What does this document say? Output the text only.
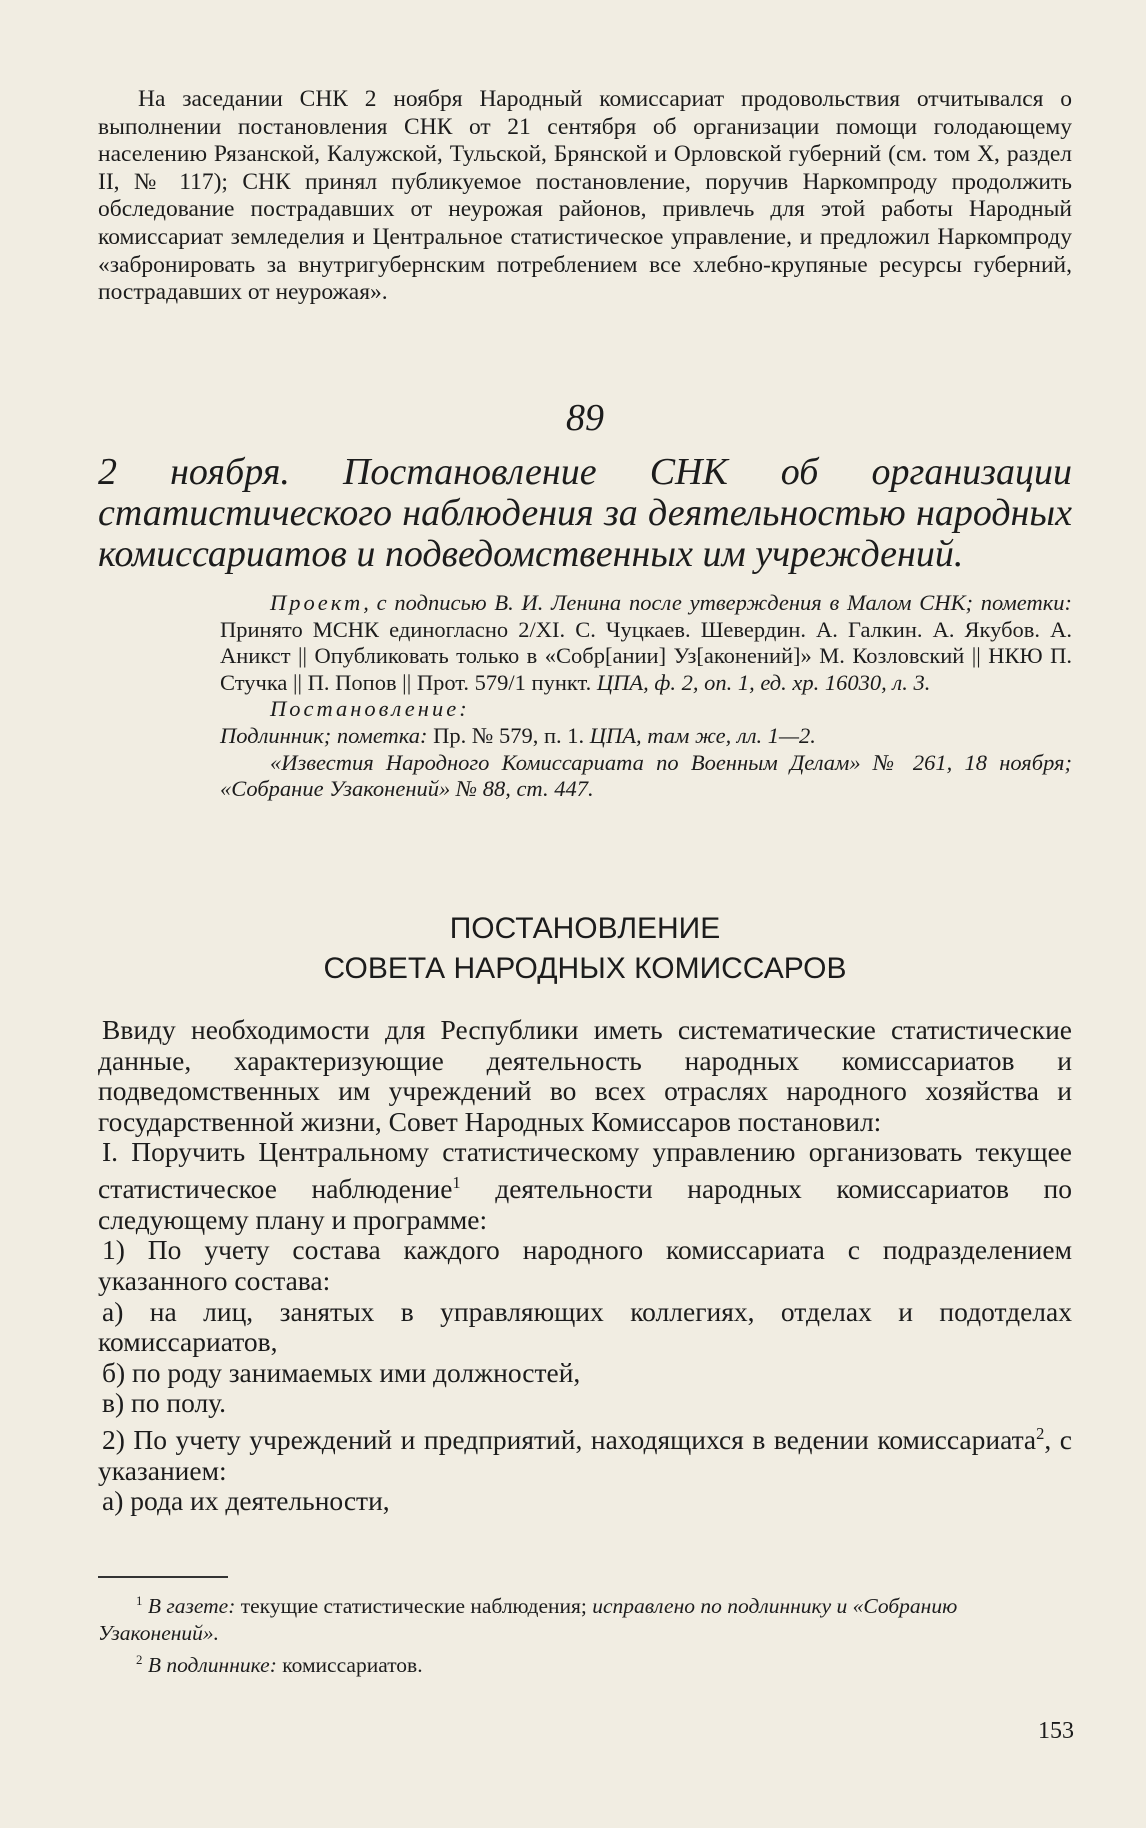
На заседании СНК 2 ноября Народный комиссариат продовольствия отчитывался о выполнении постановления СНК от 21 сентября об организации помощи голодающему населению Рязанской, Калужской, Тульской, Брянской и Орловской губерний (см. том X, раздел II, № 117); СНК принял публикуемое постановление, поручив Наркомпроду продолжить обследование пострадавших от неурожая районов, привлечь для этой работы Народный комиссариат земледелия и Центральное статистическое управление, и предложил Наркомпроду «забронировать за внутригубернским потреблением все хлебно-крупяные ресурсы губерний, пострадавших от неурожая».

89

2 ноября. Постановление СНК об организации статистического наблюдения за деятельностью народных комиссариатов и подведомственных им учреждений.

Проект, с подписью В. И. Ленина после утверждения в Малом СНК; пометки: Принято МСНК единогласно 2/XI. С. Чуцкаев. Шевердин. А. Галкин. А. Якубов. А. Аникст || Опубликовать только в «Собр[ании] Уз[аконений]» М. Козловский || НКЮ П. Стучка || П. Попов || Прот. 579/1 пункт. ЦПА, ф. 2, оп. 1, ед. хр. 16030, л. 3.

Постановление:

Подлинник; пометка: Пр. № 579, п. 1. ЦПА, там же, лл. 1—2.

«Известия Народного Комиссариата по Военным Делам» № 261, 18 ноября; «Собрание Узаконений» № 88, ст. 447.

ПОСТАНОВЛЕНИЕ

СОВЕТА НАРОДНЫХ КОМИССАРОВ

Ввиду необходимости для Республики иметь систематические статистические данные, характеризующие деятельность народных комиссариатов и подведомственных им учреждений во всех отраслях народного хозяйства и государственной жизни, Совет Народных Комиссаров постановил:

I. Поручить Центральному статистическому управлению организовать текущее статистическое наблюдение$^1$ деятельности народных комиссариатов по следующему плану и программе:

1) По учету состава каждого народного комиссариата с подразделением указанного состава:

а) на лиц, занятых в управляющих коллегиях, отделах и подотделах комиссариатов,

б) по роду занимаемых ими должностей,

в) по полу.

2) По учету учреждений и предприятий, находящихся в ведении комиссариата$^2$, с указанием:

а) рода их деятельности,

$^1$ В газете: текущие статистические наблюдения; исправлено по подлиннику и «Собранию Узаконений».

$^2$ В подлиннике: комиссариатов.

153
